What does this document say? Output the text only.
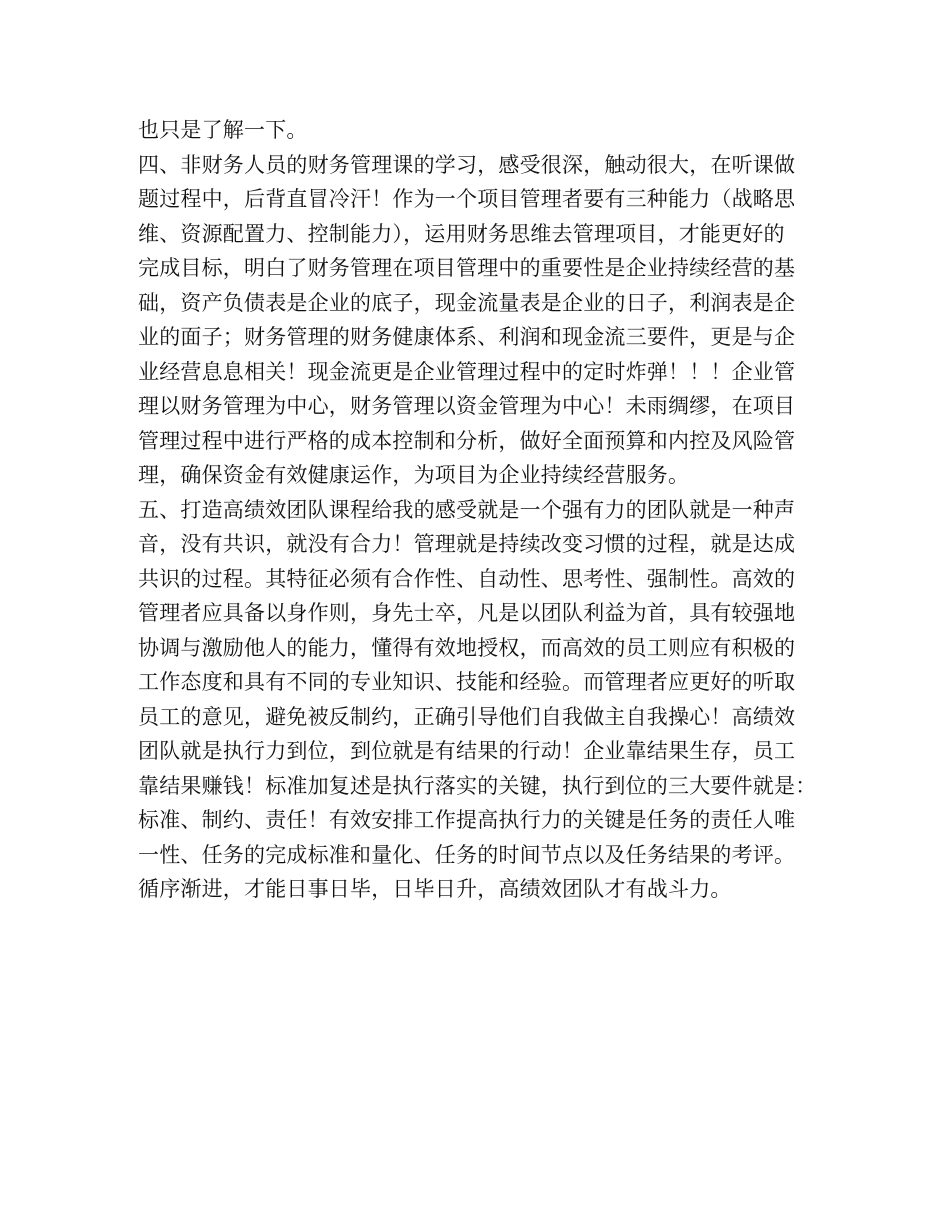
也只是了解一下。
四、非财务人员的财务管理课的学习，感受很深，触动很大，在听课做
题过程中，后背直冒冷汗！作为一个项目管理者要有三种能力（战略思
维、资源配置力、控制能力），运用财务思维去管理项目，才能更好的
完成目标，明白了财务管理在项目管理中的重要性是企业持续经营的基
础，资产负债表是企业的底子，现金流量表是企业的日子，利润表是企
业的面子；财务管理的财务健康体系、利润和现金流三要件，更是与企
业经营息息相关！现金流更是企业管理过程中的定时炸弹！！！企业管
理以财务管理为中心，财务管理以资金管理为中心！未雨绸缪，在项目
管理过程中进行严格的成本控制和分析，做好全面预算和内控及风险管
理，确保资金有效健康运作，为项目为企业持续经营服务。
五、打造高绩效团队课程给我的感受就是一个强有力的团队就是一种声
音，没有共识，就没有合力！管理就是持续改变习惯的过程，就是达成
共识的过程。其特征必须有合作性、自动性、思考性、强制性。高效的
管理者应具备以身作则，身先士卒，凡是以团队利益为首，具有较强地
协调与激励他人的能力，懂得有效地授权，而高效的员工则应有积极的
工作态度和具有不同的专业知识、技能和经验。而管理者应更好的听取
员工的意见，避免被反制约，正确引导他们自我做主自我操心！高绩效
团队就是执行力到位，到位就是有结果的行动！企业靠结果生存，员工
靠结果赚钱！标准加复述是执行落实的关键，执行到位的三大要件就是：
标准、制约、责任！有效安排工作提高执行力的关键是任务的责任人唯
一性、任务的完成标准和量化、任务的时间节点以及任务结果的考评。
循序渐进，才能日事日毕，日毕日升，高绩效团队才有战斗力。
